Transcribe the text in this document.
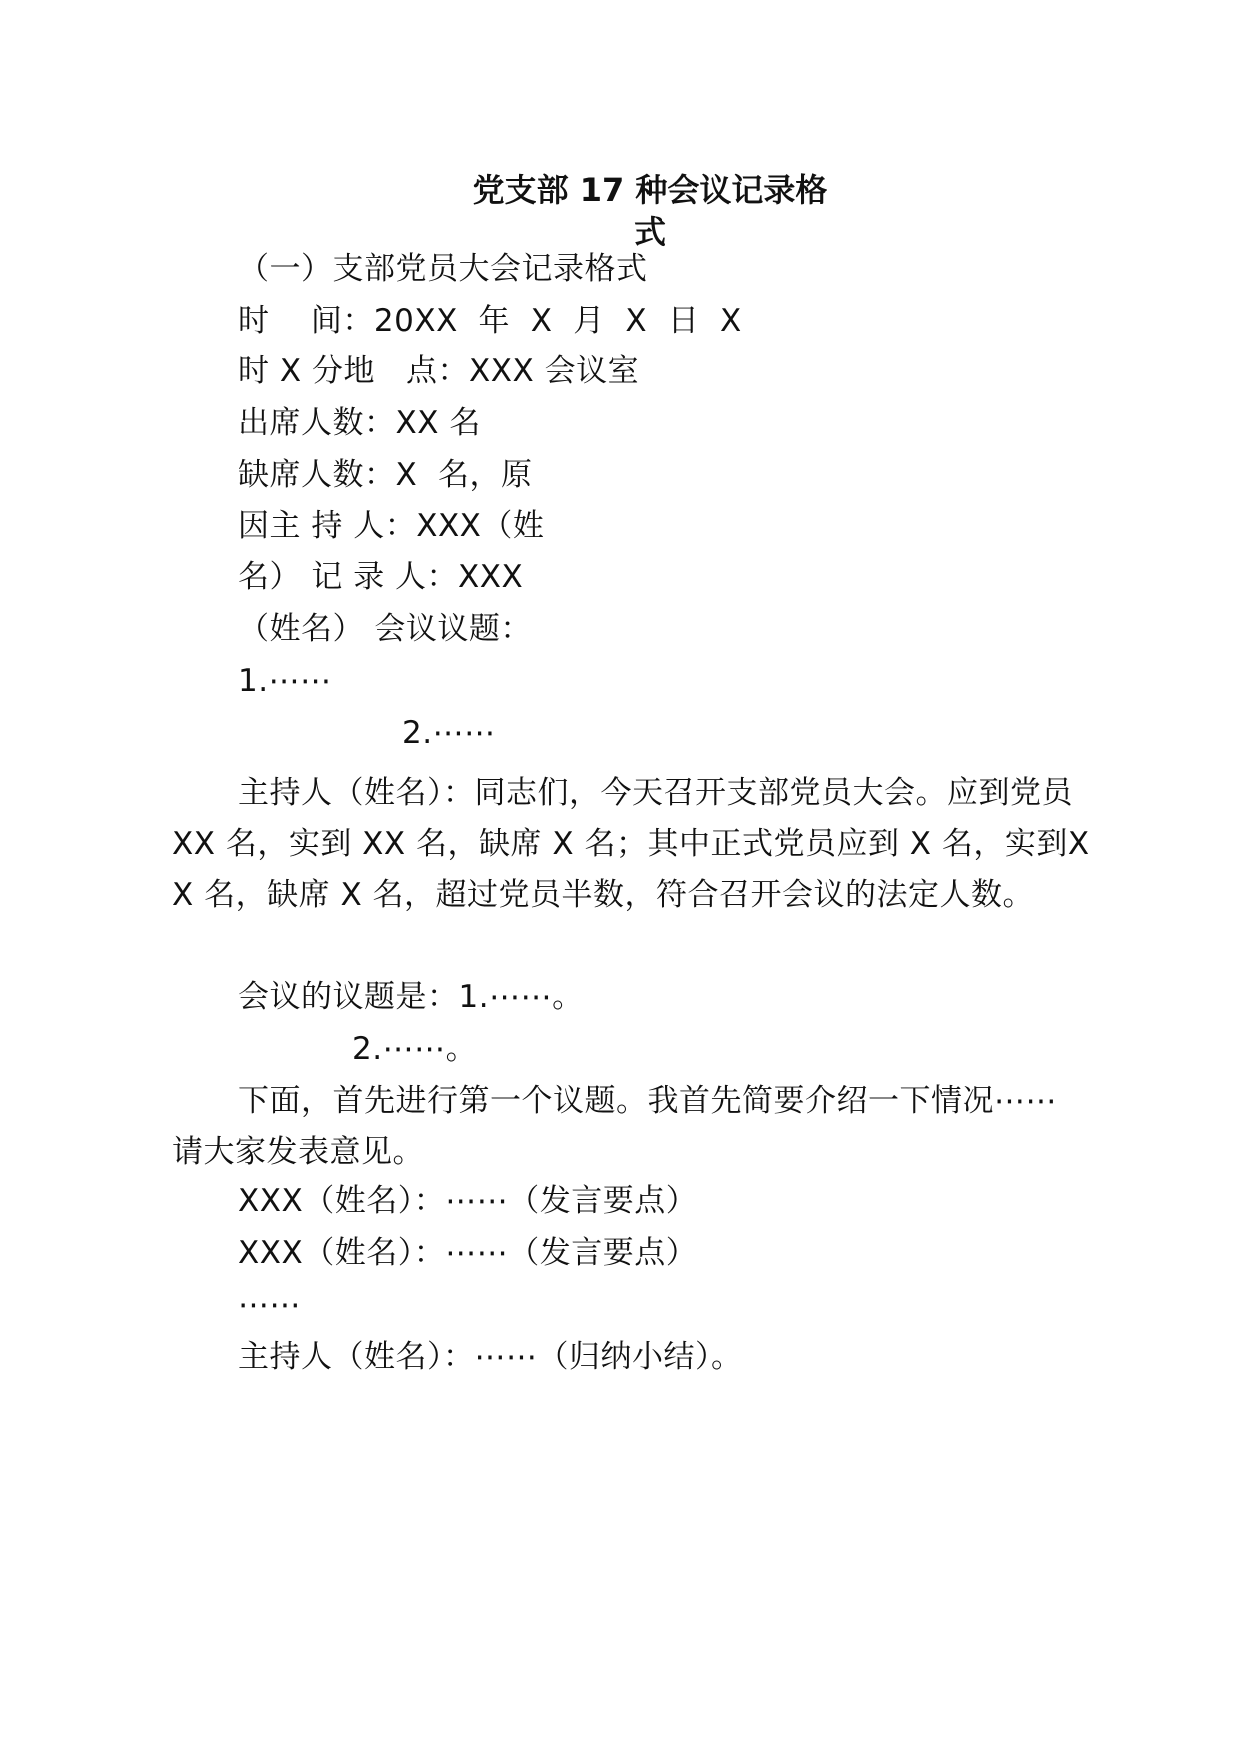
党支部 17 种会议记录格
式
（一）支部党员大会记录格式
时    间：20XX  年  X  月  X  日  X
时 X 分地   点：XXX 会议室
出席人数：XX 名
缺席人数：X  名，原
因主 持 人：XXX（姓
名） 记 录 人：XXX
（姓名） 会议议题：
1.⋯⋯
2.⋯⋯
主持人（姓名）：同志们，今天召开支部党员大会。应到党员 XX 名，实到 XX 名，缺席 X 名；其中正式党员应到 X 名，实到XX 名，缺席 X 名，超过党员半数，符合召开会议的法定人数。
会议的议题是：1.⋯⋯。
2.⋯⋯。
下面，首先进行第一个议题。我首先简要介绍一下情况⋯⋯ 请大家发表意见。
XXX（姓名）：⋯⋯（发言要点）
XXX（姓名）：⋯⋯（发言要点）
⋯⋯
主持人（姓名）：⋯⋯（归纳小结）。
